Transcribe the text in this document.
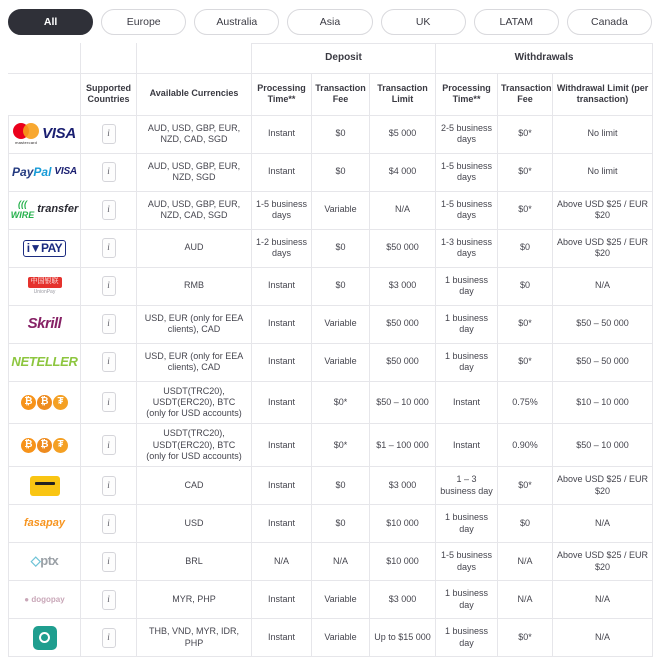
All	Europe	Australia	Asia	UK	LATAM	Canada
			Deposit			Withdrawals		
	Supported Countries	Available Currencies	Processing Time**	Transaction Fee	Transaction Limit	Processing Time**	Transaction Fee	Withdrawal Limit (per transaction)

mastercard
VISA	i	AUD, USD, GBP, EUR, NZD, CAD, SGD	Instant	$0	$5 000	2-5 business days	$0*	No limit

PayPal VISA	i	AUD, USD, GBP, EUR, NZD, SGD	Instant	$0	$4 000	1-5 business days	$0*	No limit

((( WIRE transfer	i	AUD, USD, GBP, EUR, NZD, CAD, SGD	1-5 business days	Variable	N/A	1-5 business days	$0*	Above USD $25 / EUR $20

i▼PAY	i	AUD	1-2 business days	$0	$50 000	1-3 business days	$0	Above USD $25 / EUR $20

中国银联
UnionPay	i	RMB	Instant	$0	$3 000	1 business day	$0	N/A

Skrill	i	USD, EUR (only for EEA clients), CAD	Instant	Variable	$50 000	1 business day	$0*	$50 – 50 000

NETELLER	i	USD, EUR (only for EEA clients), CAD	Instant	Variable	$50 000	1 business day	$0*	$50 – 50 000

₿ ₿ ₮	i	USDT(TRC20), USDT(ERC20), BTC (only for USD accounts)	Instant	$0*	$50 – 10 000	Instant	0.75%	$10 – 10 000

₿ ₿ ₮	i	USDT(TRC20), USDT(ERC20), BTC (only for USD accounts)	Instant	$0*	$1 – 100 000	Instant	0.90%	$50 – 10 000

	i	CAD	Instant	$0	$3 000	1 – 3 business day	$0*	Above USD $25 / EUR $20

fasapay	i	USD	Instant	$0	$10 000	1 business day	$0	N/A

◇ptx	i	BRL	N/A	N/A	$10 000	1-5 business days	N/A	Above USD $25 / EUR $20

● dogopay	i	MYR, PHP	Instant	Variable	$3 000	1 business day	N/A	N/A

	i	THB, VND, MYR, IDR, PHP	Instant	Variable	Up to $15 000	1 business day	$0*	N/A
